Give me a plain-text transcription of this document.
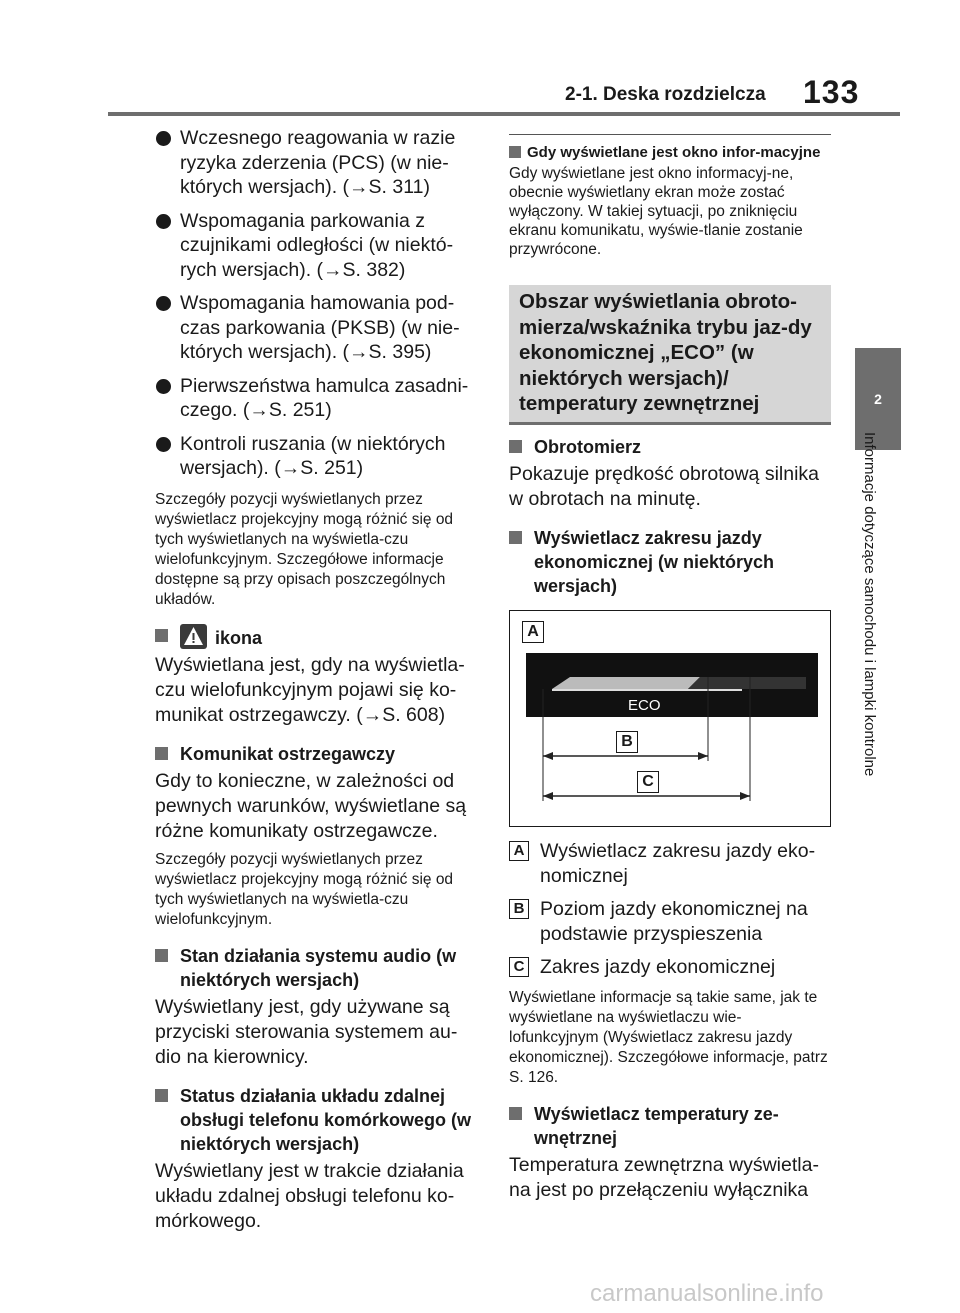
2-1. Deska rozdzielcza 133
2
Informacje dotyczące samochodu i lampki kontrolne
Wczesnego reagowania w razie ryzyka zderzenia (PCS) (w nie-których wersjach). (→S. 311)
Wspomagania parkowania z czujnikami odległości (w niektó-rych wersjach). (→S. 382)
Wspomagania hamowania pod-czas parkowania (PKSB) (w nie-których wersjach). (→S. 395)
Pierwszeństwa hamulca zasadni-czego. (→S. 251)
Kontroli ruszania (w niektórych wersjach). (→S. 251)

Szczegóły pozycji wyświetlanych przez wyświetlacz projekcyjny mogą różnić się od tych wyświetlanych na wyświetla-czu wielofunkcyjnym. Szczegółowe informacje dostępne są przy opisach poszczególnych układów.

ikona

Wyświetlana jest, gdy na wyświetla-czu wielofunkcyjnym pojawi się ko-munikat ostrzegawczy. (→S. 608)

Komunikat ostrzegawczy

Gdy to konieczne, w zależności od pewnych warunków, wyświetlane są różne komunikaty ostrzegawcze.

Szczegóły pozycji wyświetlanych przez wyświetlacz projekcyjny mogą różnić się od tych wyświetlanych na wyświetla-czu wielofunkcyjnym.

Stan działania systemu audio (w niektórych wersjach)

Wyświetlany jest, gdy używane są przyciski sterowania systemem au-dio na kierownicy.

Status działania układu zdalnej obsługi telefonu komórkowego (w niektórych wersjach)

Wyświetlany jest w trakcie działania układu zdalnej obsługi telefonu ko-mórkowego.

Gdy wyświetlane jest okno infor-macyjne

Gdy wyświetlane jest okno informacyj-ne, obecnie wyświetlany ekran może zostać wyłączony. W takiej sytuacji, po zniknięciu ekranu komunikatu, wyświe-tlanie zostanie przywrócone.

Obszar wyświetlania obroto-mierza/wskaźnika trybu jaz-dy ekonomicznej „ECO” (w niektórych wersjach)/ temperatury zewnętrznej
Obrotomierz

Pokazuje prędkość obrotową silnika w obrotach na minutę.

Wyświetlacz zakresu jazdy ekonomicznej (w niektórych wersjach)
A
ECO
B
C
A Wyświetlacz zakresu jazdy eko-nomicznej
B Poziom jazdy ekonomicznej na podstawie przyspieszenia
C Zakres jazdy ekonomicznej

Wyświetlane informacje są takie same, jak te wyświetlane na wyświetlaczu wie-lofunkcyjnym (Wyświetlacz zakresu jazdy ekonomicznej). Szczegółowe informacje, patrz S. 126.

Wyświetlacz temperatury ze-wnętrznej

Temperatura zewnętrzna wyświetla-na jest po przełączeniu wyłącznika

carmanualsonline.info
